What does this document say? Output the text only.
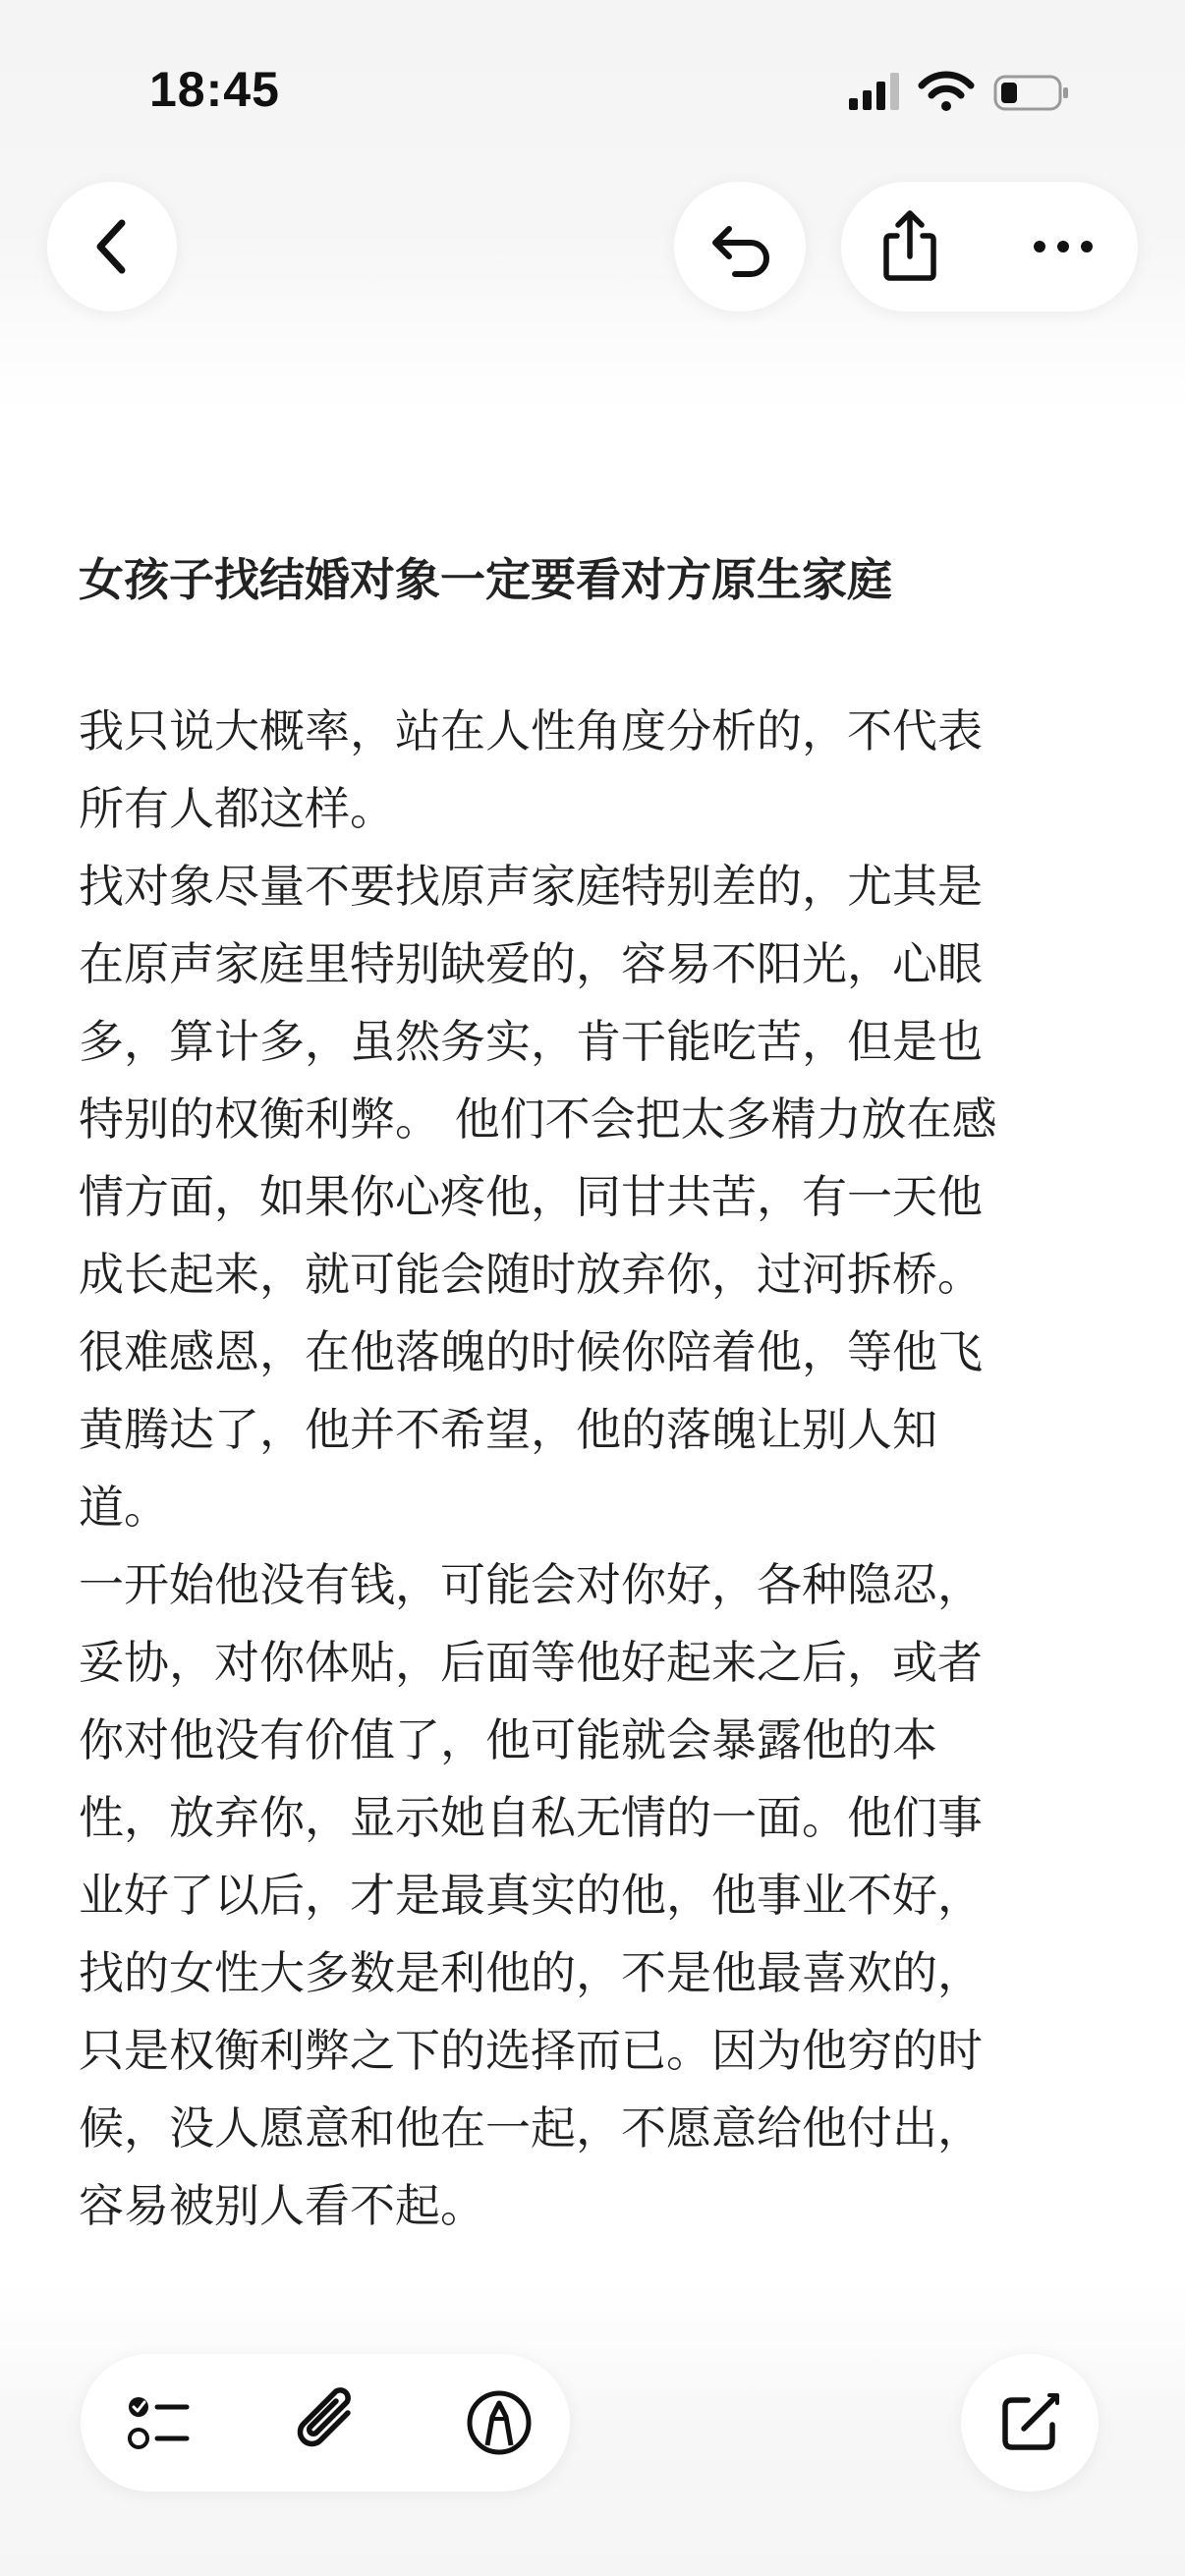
18:45
女孩子找结婚对象一定要看对方原生家庭
我只说大概率，站在人性角度分析的，不代表
所有人都这样。
找对象尽量不要找原声家庭特别差的，尤其是
在原声家庭里特别缺爱的，容易不阳光，心眼
多，算计多，虽然务实，肯干能吃苦，但是也
特别的权衡利弊。 他们不会把太多精力放在感
情方面，如果你心疼他，同甘共苦，有一天他
成长起来，就可能会随时放弃你，过河拆桥。
很难感恩，在他落魄的时候你陪着他，等他飞
黄腾达了，他并不希望，他的落魄让别人知
道。
一开始他没有钱，可能会对你好，各种隐忍，
妥协，对你体贴，后面等他好起来之后，或者
你对他没有价值了，他可能就会暴露他的本
性，放弃你，显示她自私无情的一面。他们事
业好了以后，才是最真实的他，他事业不好，
找的女性大多数是利他的，不是他最喜欢的，
只是权衡利弊之下的选择而已。因为他穷的时
候，没人愿意和他在一起，不愿意给他付出，
容易被别人看不起。
